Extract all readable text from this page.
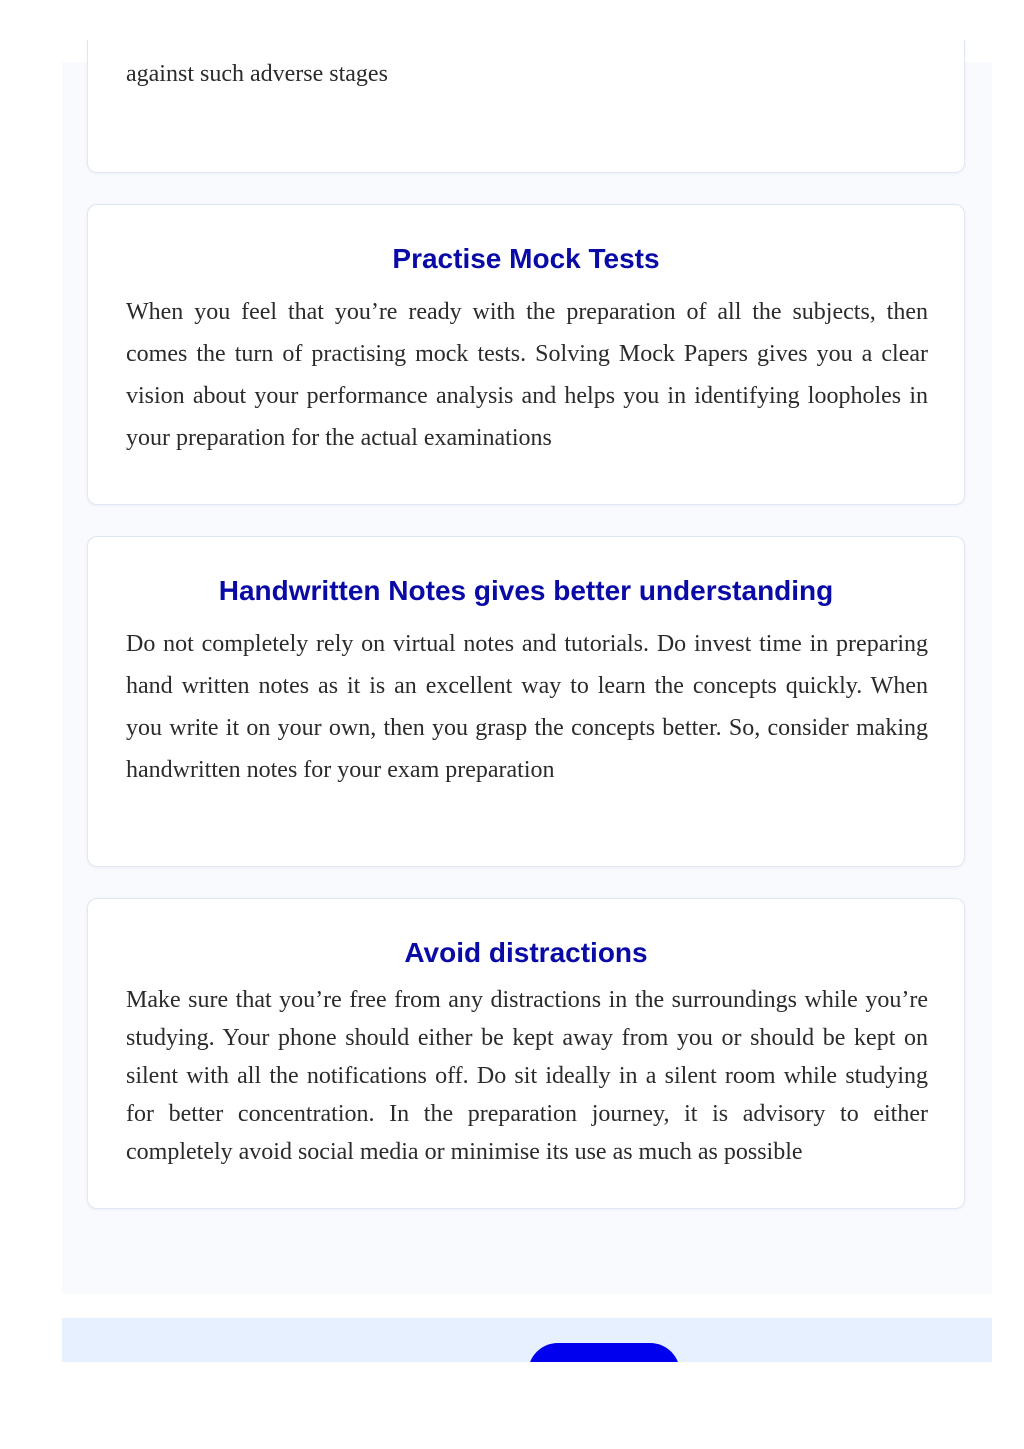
against such adverse stages

Practise Mock Tests

When you feel that you’re ready with the preparation of all the subjects, then comes the turn of practising mock tests. Solving Mock Papers gives you a clear vision about your performance analysis and helps you in identifying loopholes in your preparation for the actual examinations

Handwritten Notes gives better understanding

Do not completely rely on virtual notes and tutorials. Do invest time in preparing hand written notes as it is an excellent way to learn the concepts quickly. When you write it on your own, then you grasp the concepts better. So, consider making handwritten notes for your exam preparation

Avoid distractions

Make sure that you’re free from any distractions in the surroundings while you’re studying. Your phone should either be kept away from you or should be kept on silent with all the notifications off. Do sit ideally in a silent room while studying for better concentration. In the preparation journey, it is advisory to either completely avoid social media or minimise its use as much as possible
